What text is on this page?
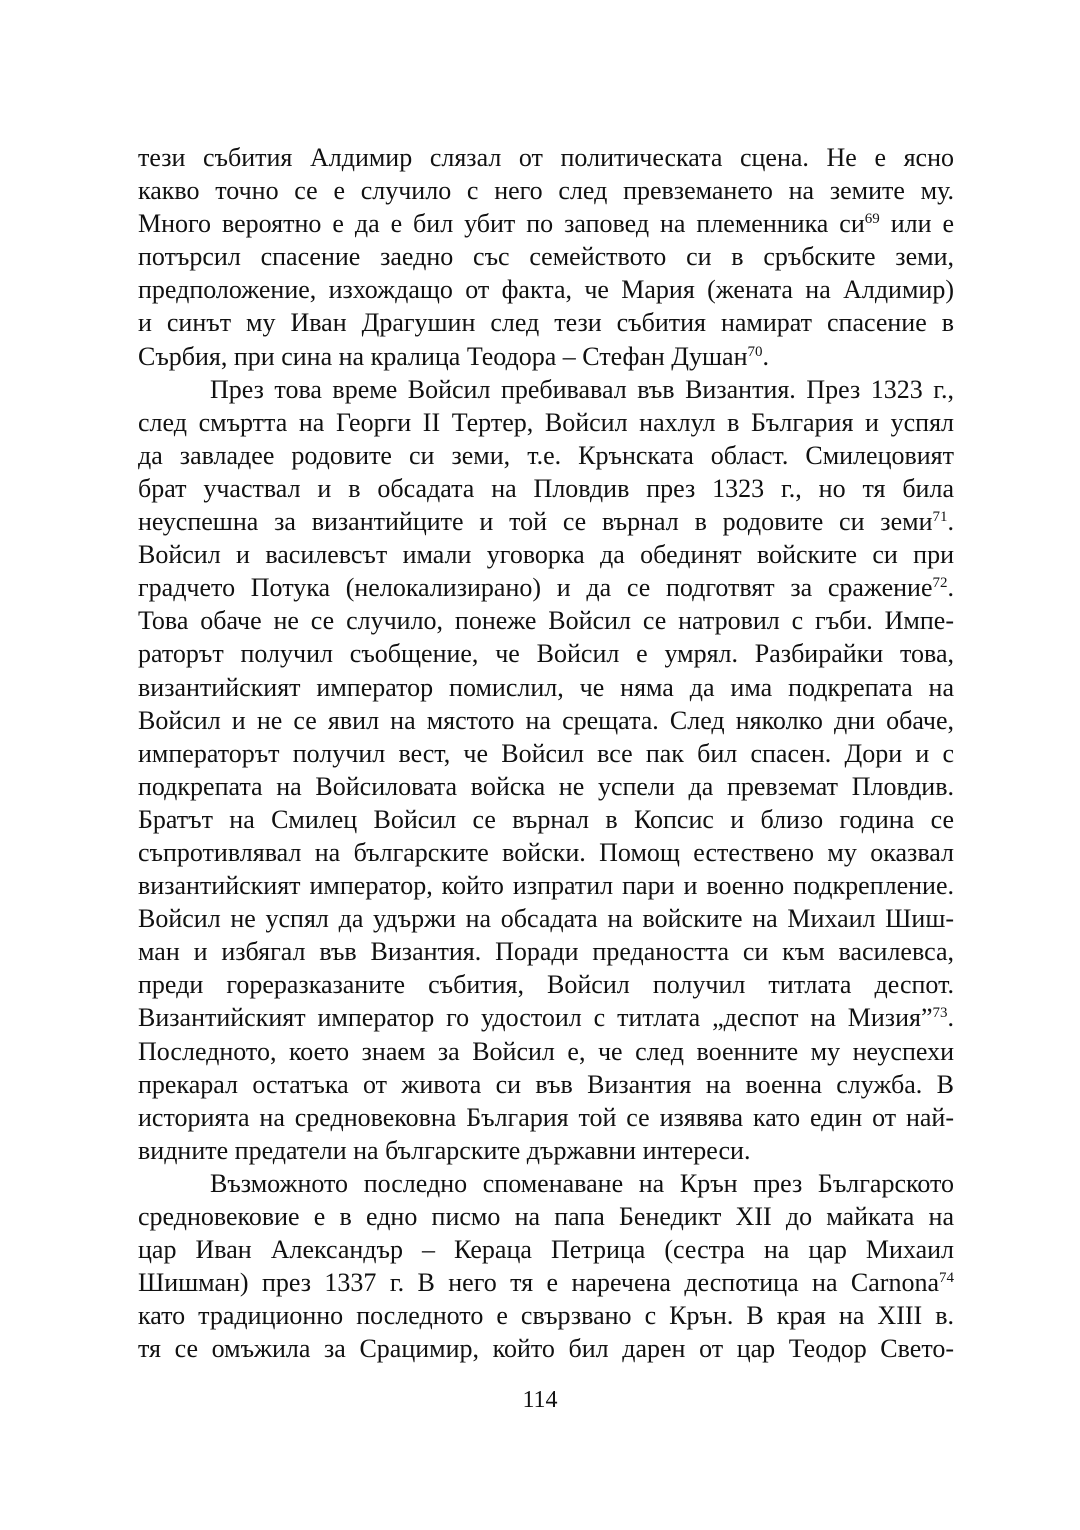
тези събития Алдимир слязал от политическата сцена. Не е ясно
какво точно се е случило с него след превземането на земите му.
Много вероятно е да е бил убит по заповед на племенника $си^{69}$ или е
потърсил спасение заедно със семейството си в сръбските земи,
предположение, изхождащо от факта, че Мария (жената на Алдимир)
и синът му Иван Драгушин след тези събития намират спасение в
Сърбия, при сина на кралица Теодора – Стефан Душан$^{70}$.
През това време Войсил пребивавал във Византия. През 1323 г.,
след смъртта на Георги II Тертер, Войсил нахлул в България и успял
да завладее родовите си земи, т.е. Крънската област. Смилецовият
брат участвал и в обсадата на Пловдив през 1323 г., но тя била
неуспешна за византийците и той се върнал в родовите си земи$^{71}$.
Войсил и василевсът имали уговорка да обединят войските си при
градчето Потука (нелокализирано) и да се подготвят за сражение$^{72}$.
Това обаче не се случило, понеже Войсил се натровил с гъби. Импе-
раторът получил съобщение, че Войсил е умрял. Разбирайки това,
византийският император помислил, че няма да има подкрепата на
Войсил и не се явил на мястото на срещата. След няколко дни обаче,
императорът получил вест, че Войсил все пак бил спасен. Дори и с
подкрепата на Войсиловата войска не успели да превземат Пловдив.
Братът на Смилец Войсил се върнал в Копсис и близо година се
съпротивлявал на българските войски. Помощ естествено му оказвал
византийският император, който изпратил пари и военно подкрепление.
Войсил не успял да удържи на обсадата на войските на Михаил Шиш-
ман и избягал във Византия. Поради предаността си към василевса,
преди гореразказаните събития, Войсил получил титлата деспот.
Византийският император го удостоил с титлата „деспот на Мизия”$^{73}$.
Последното, което знаем за Войсил е, че след военните му неуспехи
прекарал остатъка от живота си във Византия на военна служба. В
историята на средновековна България той се изявява като един от най-
видните предатели на българските държавни интереси.
Възможното последно споменаване на Крън през Българското
средновековие е в едно писмо на папа Бенедикт XII до майката на
цар Иван Александър – Кераца Петрица (сестра на цар Михаил
Шишман) през 1337 г. В него тя е наречена деспотица на Carnona$^{74}$
като традиционно последното е свързвано с Крън. В края на XIII в.
тя се омъжила за Срацимир, който бил дарен от цар Теодор Свето-
114
